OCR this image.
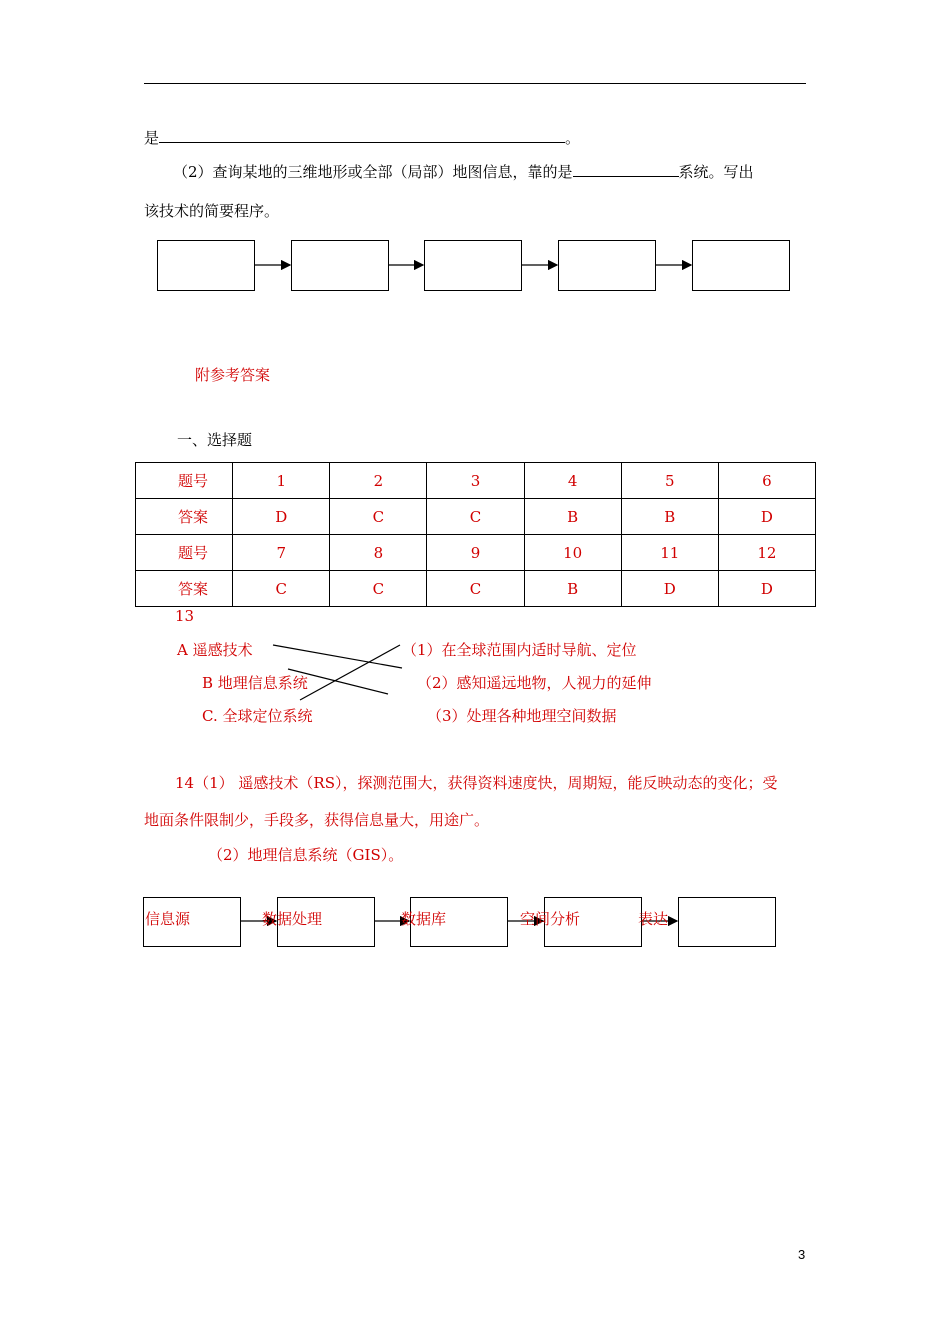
是	。
（2）查询某地的三维地形或全部（局部）地图信息，靠的是	系统。写出
该技术的简要程序。
附参考答案
一、选择题
题号	1	2	3	4	5	6
答案	D	C	C	B	B	D
题号	7	8	9	10	11	12
答案	C	C	C	B	D	D
13
A 遥感技术
B 地理信息系统
C. 全球定位系统
（1）在全球范围内适时导航、定位
（2）感知遥远地物，人视力的延伸
（3）处理各种地理空间数据
14（1） 遥感技术（RS），探测范围大，获得资料速度快，周期短，能反映动态的变化；受
地面条件限制少，手段多，获得信息量大，用途广。
（2）地理信息系统（GIS）。
信息源	数据处理	数据库	空间分析	表达
3
